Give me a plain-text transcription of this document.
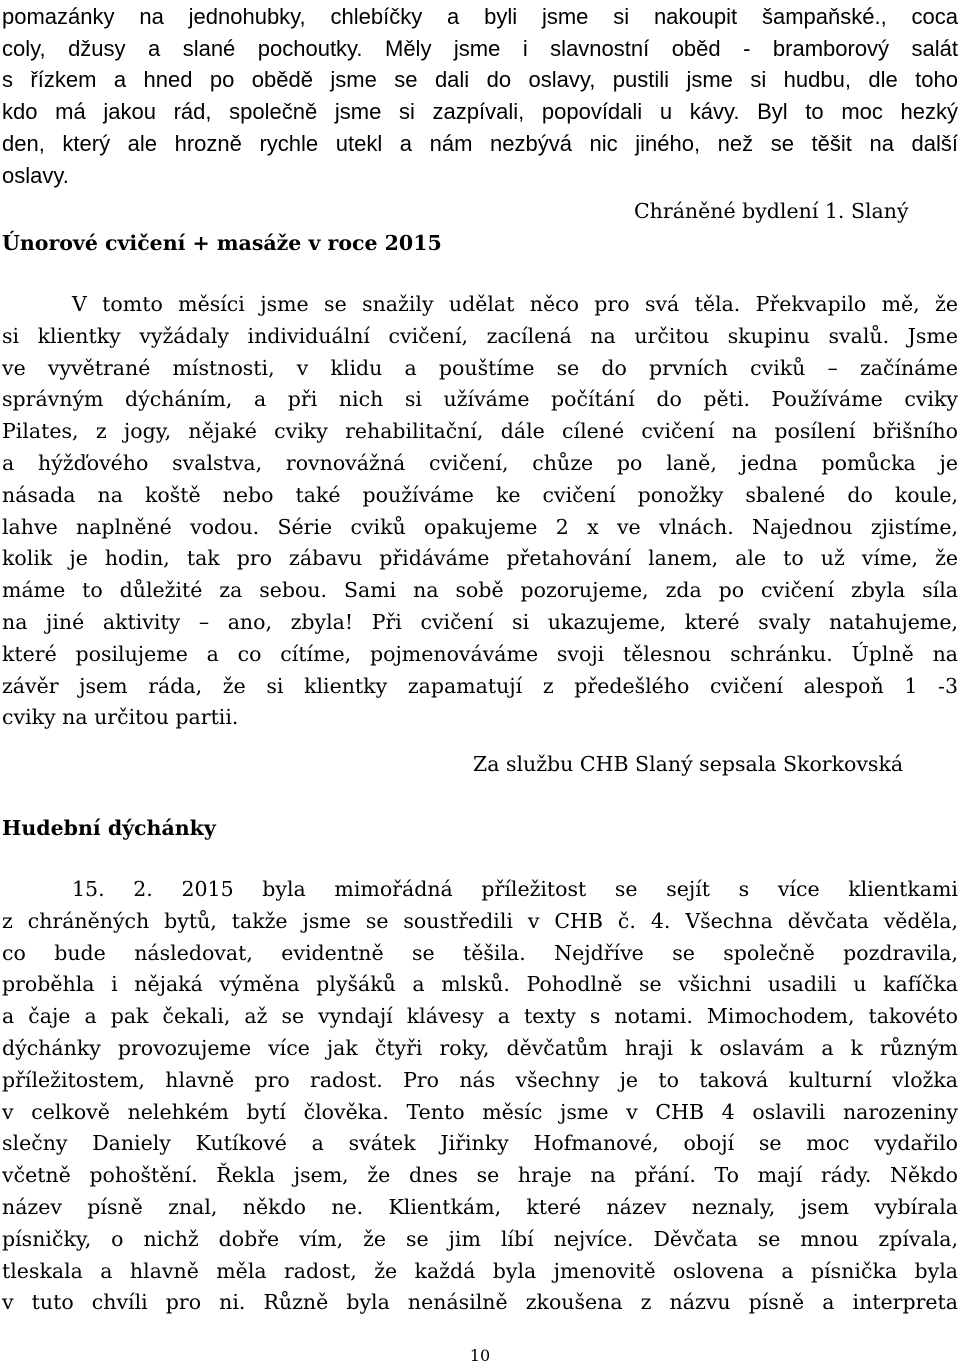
pomazánky na jednohubky, chlebíčky a byli jsme si nakoupit šampaňské., coca
coly, džusy a slané pochoutky. Měly jsme i slavnostní oběd - bramborový salát
s řízkem a hned po obědě jsme se dali do oslavy, pustili jsme si hudbu, dle toho
kdo má jakou rád, společně jsme si zazpívali, popovídali u kávy. Byl to moc hezký
den, který ale hrozně rychle utekl a nám nezbývá nic jiného, než se těšit na další
oslavy.
Chráněné bydlení 1. Slaný
Únorové cvičení + masáže v roce 2015
V tomto měsíci jsme se snažily udělat něco pro svá těla. Překvapilo mě, že
si klientky vyžádaly individuální cvičení, zacílená na určitou skupinu svalů. Jsme
ve vyvětrané místnosti, v klidu a pouštíme se do prvních cviků – začínáme
správným dýcháním, a při nich si užíváme počítání do pěti. Používáme cviky
Pilates, z jogy, nějaké cviky rehabilitační, dále cílené cvičení na posílení břišního
a hýžďového svalstva, rovnovážná cvičení, chůze po laně, jedna pomůcka je
násada na koště nebo také používáme ke cvičení ponožky sbalené do koule,
lahve naplněné vodou. Série cviků opakujeme 2 x ve vlnách. Najednou zjistíme,
kolik je hodin, tak pro zábavu přidáváme přetahování lanem, ale to už víme, že
máme to důležité za sebou. Sami na sobě pozorujeme, zda po cvičení zbyla síla
na jiné aktivity – ano, zbyla! Při cvičení si ukazujeme, které svaly natahujeme,
které posilujeme a co cítíme, pojmenováváme svoji tělesnou schránku. Úplně na
závěr jsem ráda, že si klientky zapamatují z předešlého cvičení alespoň 1 -3
cviky na určitou partii.
Za službu CHB Slaný sepsala Skorkovská
Hudební dýchánky
15. 2. 2015 byla mimořádná příležitost se sejít s více klientkami
z chráněných bytů, takže jsme se soustředili v CHB č. 4. Všechna děvčata věděla,
co bude následovat, evidentně se těšila. Nejdříve se společně pozdravila,
proběhla i nějaká výměna plyšáků a mlsků. Pohodlně se všichni usadili u kafíčka
a čaje a pak čekali, až se vyndají klávesy a texty s notami. Mimochodem, takovéto
dýchánky provozujeme více jak čtyři roky, děvčatům hraji k oslavám a k různým
příležitostem, hlavně pro radost. Pro nás všechny je to taková kulturní vložka
v celkově nelehkém bytí člověka. Tento měsíc jsme v CHB 4 oslavili narozeniny
slečny Daniely Kutíkové a svátek Jiřinky Hofmanové, obojí se moc vydařilo
včetně pohoštění. Řekla jsem, že dnes se hraje na přání. To mají rády. Někdo
název písně znal, někdo ne. Klientkám, které název neznaly, jsem vybírala
písničky, o nichž dobře vím, že se jim líbí nejvíce. Děvčata se mnou zpívala,
tleskala a hlavně měla radost, že každá byla jmenovitě oslovena a písnička byla
v tuto chvíli pro ni. Různě byla nenásilně zkoušena z názvu písně a interpreta
10
